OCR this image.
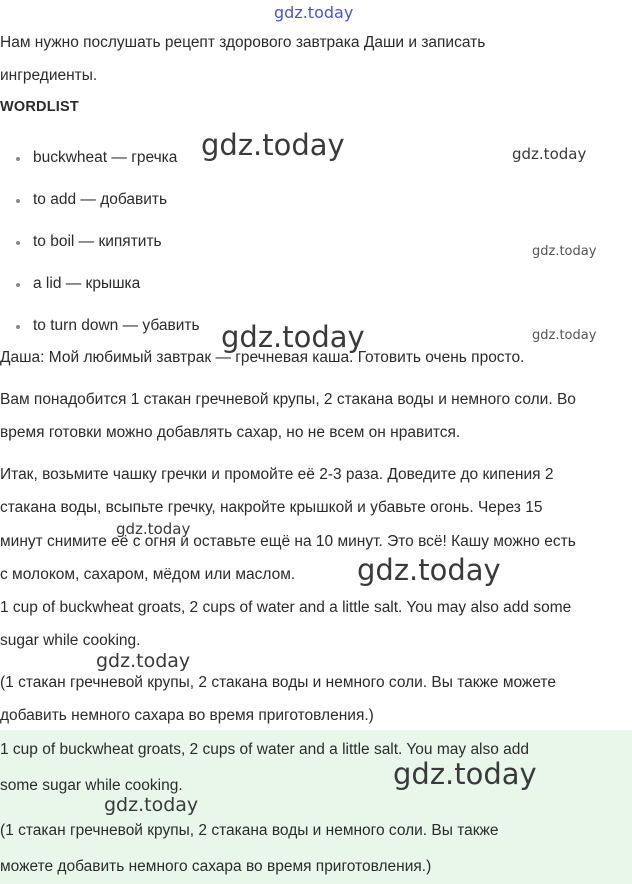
gdz.today
Нам нужно послушать рецепт здорового завтрака Даши и записать
ингредиенты.
WORDLIST
buckwheat — гречка
to add — добавить
to boil — кипятить
a lid — крышка
to turn down — убавить
Даша: Мой любимый завтрак — гречневая каша. Готовить очень просто.
Вам понадобится 1 стакан гречневой крупы, 2 стакана воды и немного соли. Во
время готовки можно добавлять сахар, но не всем он нравится.
Итак, возьмите чашку гречки и промойте её 2-3 раза. Доведите до кипения 2
стакана воды, всыпьте гречку, накройте крышкой и убавьте огонь. Через 15
минут снимите её с огня и оставьте ещё на 10 минут. Это всё! Кашу можно есть
с молоком, сахаром, мёдом или маслом.
1 cup of buckwheat groats, 2 cups of water and a little salt. You may also add some
sugar while cooking.
(1 стакан гречневой крупы, 2 стакана воды и немного соли. Вы также можете
добавить немного сахара во время приготовления.)
1 cup of buckwheat groats, 2 cups of water and a little salt. You may also add
some sugar while cooking.
(1 стакан гречневой крупы, 2 стакана воды и немного соли. Вы также
можете добавить немного сахара во время приготовления.)
gdz.today	gdz.today
gdz.today
gdz.today	gdz.today
gdz.today
gdz.today
gdz.today
gdz.today
gdz.today
